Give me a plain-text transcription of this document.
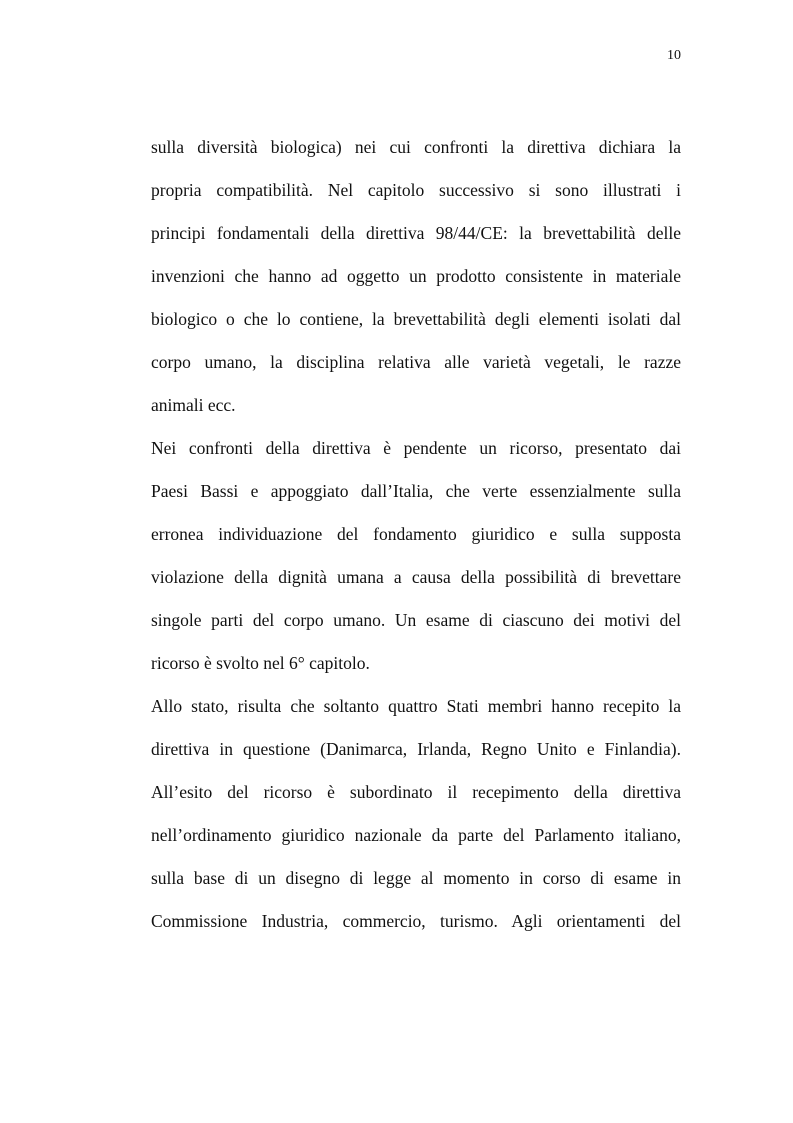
10
sulla diversità biologica) nei cui confronti la direttiva dichiara la
propria compatibilità. Nel capitolo successivo si sono illustrati i
principi fondamentali della direttiva 98/44/CE: la brevettabilità delle
invenzioni che hanno ad oggetto un prodotto consistente in materiale
biologico o che lo contiene, la brevettabilità degli elementi isolati dal
corpo umano, la disciplina relativa alle varietà vegetali, le razze
animali ecc.
Nei confronti della direttiva è pendente un ricorso, presentato dai
Paesi Bassi e appoggiato dall’Italia, che verte essenzialmente sulla
erronea individuazione del fondamento giuridico e sulla supposta
violazione della dignità umana a causa della possibilità di brevettare
singole parti del corpo umano. Un esame di ciascuno dei motivi del
ricorso è svolto nel 6° capitolo.
Allo stato, risulta che soltanto quattro Stati membri hanno recepito la
direttiva in questione (Danimarca, Irlanda, Regno Unito e Finlandia).
All’esito del ricorso è subordinato il recepimento della direttiva
nell’ordinamento giuridico nazionale da parte del Parlamento italiano,
sulla base di un disegno di legge al momento in corso di esame in
Commissione Industria, commercio, turismo. Agli orientamenti del
